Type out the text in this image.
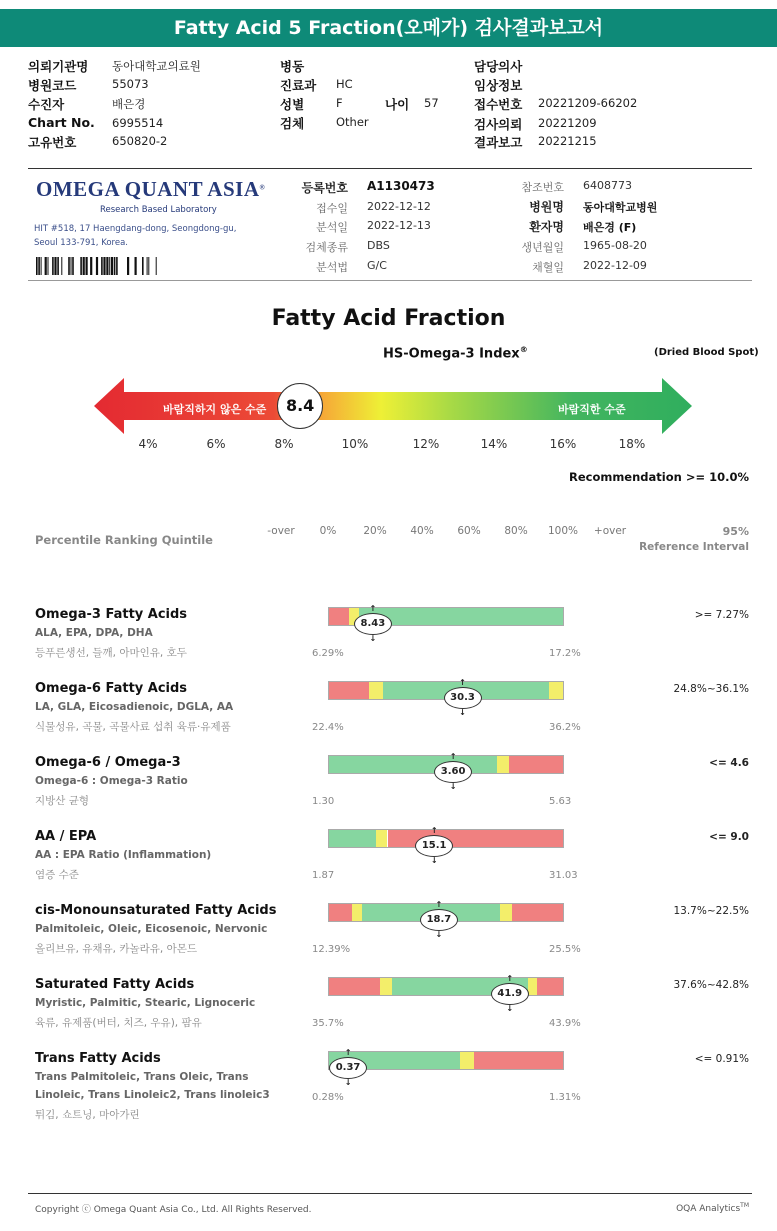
Fatty Acid 5 Fraction(오메가) 검사결과보고서
의뢰기관명 동아대학교의료원
병원코드	55073
수진자	배은경
Chart No. 6995514
고유번호	650820-2
병동
진료과 HC
성별	F	나이 57
검체	Other
담당의사
임상정보
접수번호 20221209-66202
검사의뢰 20221209
결과보고 20221215
OMEGA QUANT ASIA®
Research Based Laboratory
HIT #518, 17 Haengdang-dong, Seongdong-gu,
Seoul 133-791, Korea.
등록번호 A1130473
접수일 2022-12-12
분석일 2022-12-13
검체종류 DBS
분석법 G/C
참조번호 6408773
병원명 동아대학교병원
환자명 배은경 (F)
생년월일 1965-08-20
채혈일 2022-12-09
Fatty Acid Fraction
HS-Omega-3 Index®	(Dried Blood Spot)
바람직하지 않은 수준	바람직한 수준
8.4
4%	6%	8%	10%	12%	14%	16%	18%
Recommendation >= 10.0%
Percentile Ranking Quintile
-over	0%	20%	40%	60%	80%	100%	+over	95%
Reference Interval
Omega-3 Fatty Acids
ALA, EPA, DPA, DHA
등푸른생선, 들깨, 아마인유, 호두
↑ 8.43 ↓
6.29%	17.2%
>= 7.27%
Omega-6 Fatty Acids
LA, GLA, Eicosadienoic, DGLA, AA
식물성유, 곡물, 곡물사료 섭취 육류·유제품
↑ 30.3 ↓
22.4%	36.2%
24.8%~36.1%
Omega-6 / Omega-3
Omega-6 : Omega-3 Ratio
지방산 균형
↑ 3.60 ↓
1.30	5.63
<= 4.6
AA / EPA
AA : EPA Ratio (Inflammation)
염증 수준
↑ 15.1 ↓
1.87	31.03
<= 9.0
cis-Monounsaturated Fatty Acids
Palmitoleic, Oleic, Eicosenoic, Nervonic
올리브유, 유채유, 카놀라유, 아몬드
↑ 18.7 ↓
12.39%	25.5%
13.7%~22.5%
Saturated Fatty Acids
Myristic, Palmitic, Stearic, Lignoceric
육류, 유제품(버터, 치즈, 우유), 팜유
↑ 41.9 ↓
35.7%	43.9%
37.6%~42.8%
Trans Fatty Acids
Trans Palmitoleic, Trans Oleic, Trans
Linoleic, Trans Linoleic2, Trans linoleic3
튀김, 쇼트닝, 마아가린
↑ 0.37 ↓
0.28%	1.31%
<= 0.91%
Copyright ⓒ Omega Quant Asia Co., Ltd. All Rights Reserved.	OQA Analytics™
